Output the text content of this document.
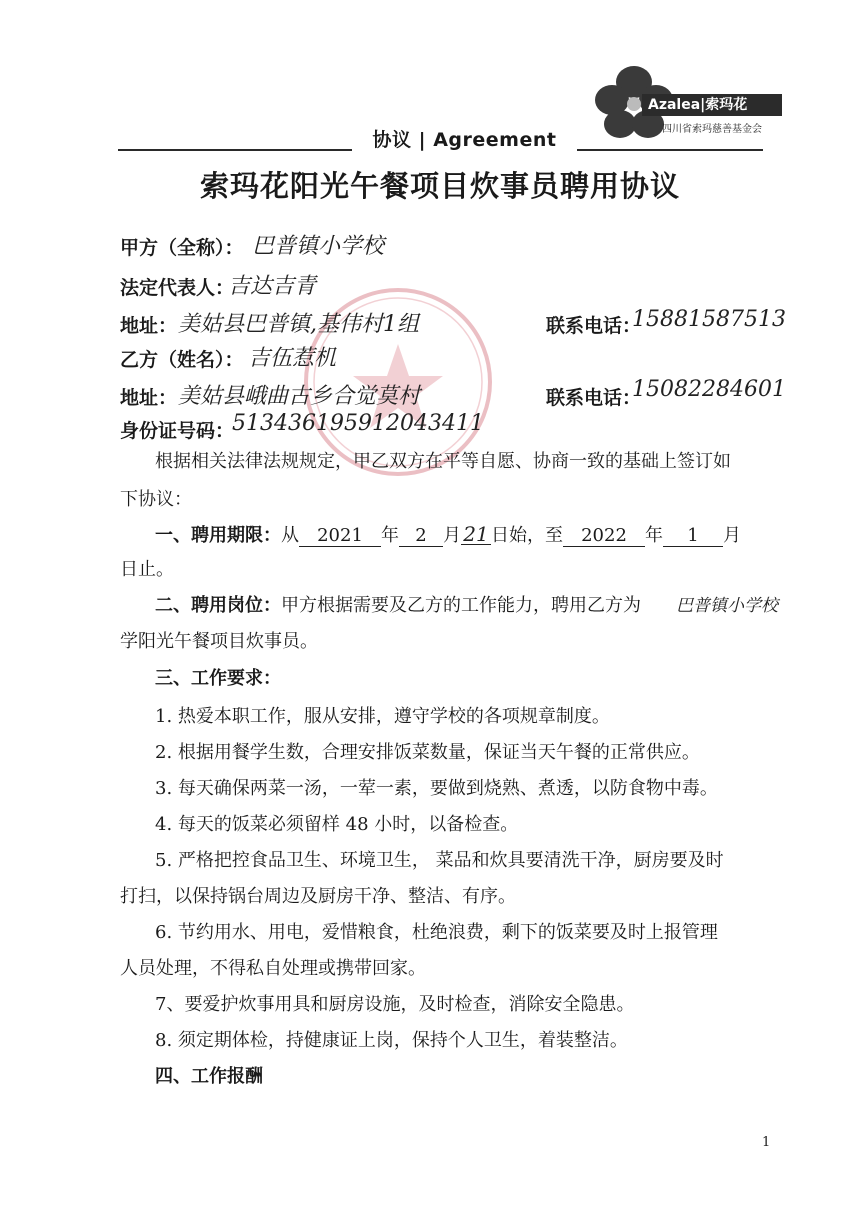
Azalea|索玛花
四川省索玛慈善基金会
协议 | Agreement
索玛花阳光午餐项目炊事员聘用协议
甲方（全称）： 巴普镇小学校
法定代表人：
吉达吉青
地址： 美姑县巴普镇,基伟村1组	联系电话：
15881587513
乙方（姓名）： 吉伍惹机
地址： 美姑县峨曲古乡合觉莫村	联系电话：
15082284601
身份证号码：
513436195912043411
根据相关法律法规规定，甲乙双方在平等自愿、协商一致的基础上签订如
下协议：
一、聘用期限：从 2021 年 2 月 21 日始，至 2022 年 1 月
日止。
二、聘用岗位：甲方根据需要及乙方的工作能力，聘用乙方为 巴普镇小学校
学阳光午餐项目炊事员。
三、工作要求：
1. 热爱本职工作，服从安排，遵守学校的各项规章制度。
2. 根据用餐学生数，合理安排饭菜数量，保证当天午餐的正常供应。
3. 每天确保两菜一汤，一荤一素，要做到烧熟、煮透，以防食物中毒。
4. 每天的饭菜必须留样 48 小时，以备检查。
5. 严格把控食品卫生、环境卫生， 菜品和炊具要清洗干净，厨房要及时
打扫，以保持锅台周边及厨房干净、整洁、有序。
6. 节约用水、用电，爱惜粮食，杜绝浪费，剩下的饭菜要及时上报管理
人员处理，不得私自处理或携带回家。
7、要爱护炊事用具和厨房设施，及时检查，消除安全隐患。
8. 须定期体检，持健康证上岗，保持个人卫生，着装整洁。
四、工作报酬
1
